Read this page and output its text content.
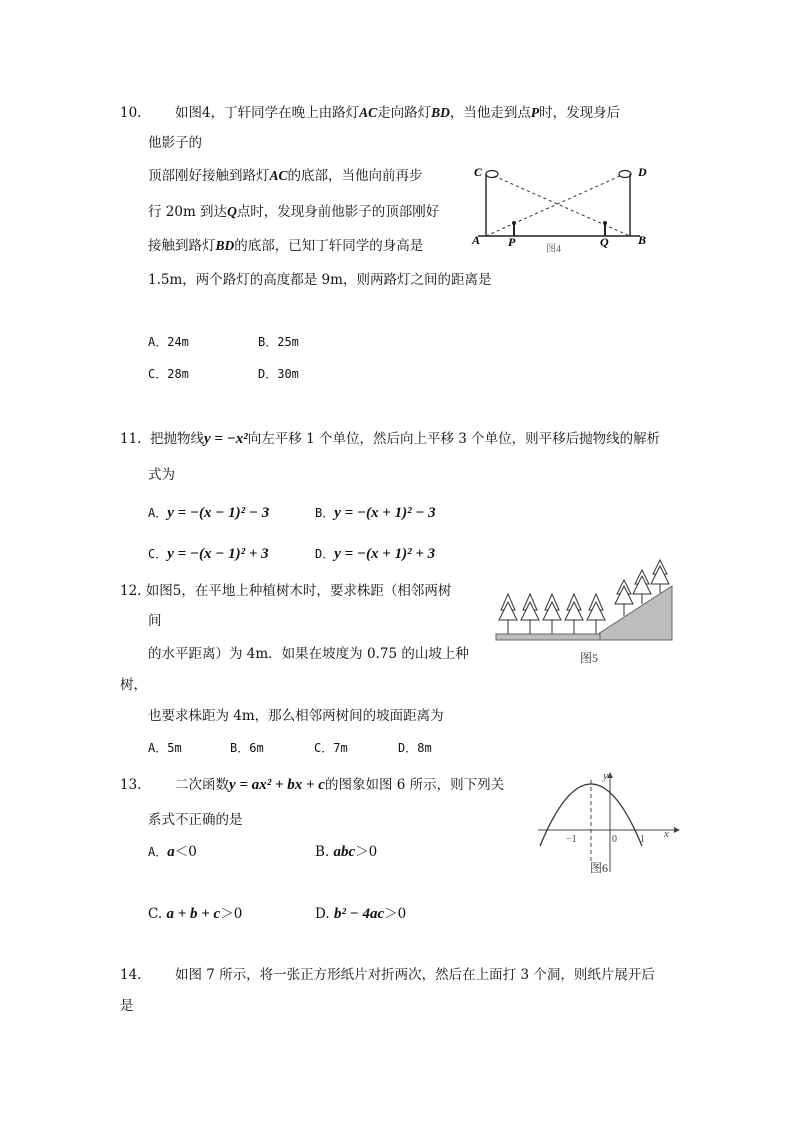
10. 如图4，丁轩同学在晚上由路灯AC走向路灯BD，当他走到点P时，发现身后
他影子的
顶部刚好接触到路灯AC的底部，当他向前再步
行 20m 到达Q点时，发现身前他影子的顶部刚好
接触到路灯BD的底部，已知丁轩同学的身高是
1.5m，两个路灯的高度都是 9m，则两路灯之间的距离是
A．24m	B．25m
C．28m	D．30m
C	D
A P	Q B
图4
11. 把抛物线y = −x²向左平移 1 个单位，然后向上平移 3 个单位，则平移后抛物线的解析
式为
A．y = −(x − 1)² − 3	B．y = −(x + 1)² − 3
C．y = −(x − 1)² + 3	D．y = −(x + 1)² + 3
12. 如图5，在平地上种植树木时，要求株距（相邻两树
间
的水平距离）为 4m．如果在坡度为 0.75 的山坡上种
树，
也要求株距为 4m，那么相邻两树间的坡面距离为
A．5m	B．6m	C．7m	D．8m
图5
13. 二次函数y = ax² + bx + c的图象如图 6 所示，则下列关
系式不正确的是
A．a＜0	B. abc＞0
C. a + b + c＞0	D. b² − 4ac＞0
y
x
−1	0 1
图6
14. 如图 7 所示，将一张正方形纸片对折两次，然后在上面打 3 个洞，则纸片展开后
是
